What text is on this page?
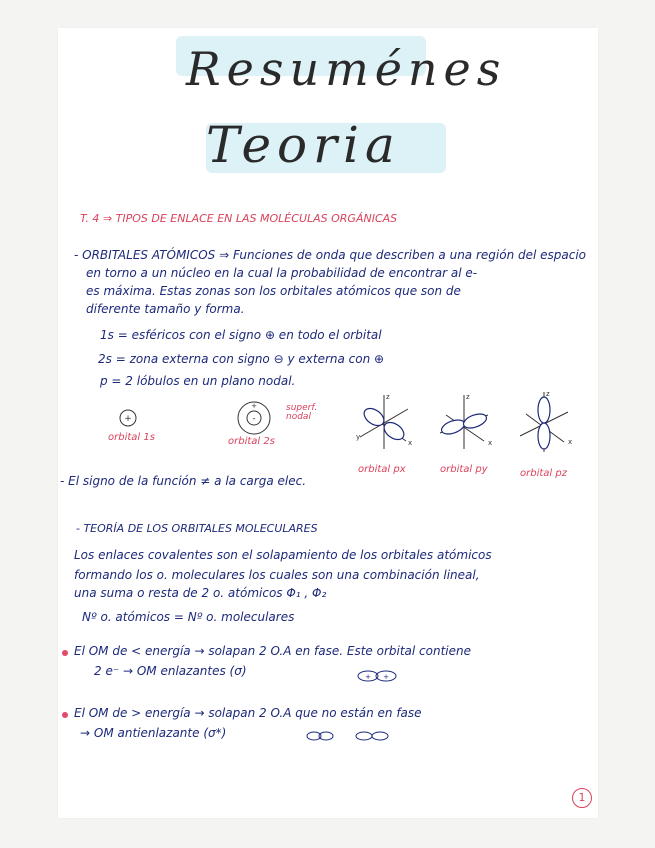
Resuménes
Teoria
T. 4 ⇒ TIPOS DE ENLACE EN LAS MOLÉCULAS ORGÁNICAS
- ORBITALES ATÓMICOS ⇒ Funciones de onda que describen a una región del espacio
en torno a un núcleo en la cual la probabilidad de encontrar al e-
es máxima. Estas zonas son los orbitales atómicos que son de
diferente tamaño y forma.
1s = esféricos con el signo ⊕ en todo el orbital
2s = zona externa con signo ⊖ y externa con ⊕
p = 2 lóbulos en un plano nodal.
+
orbital 1s
-
+	superf. nodal
orbital 2s
z
y
x
orbital px
z
x
orbital py
z
x
orbital pz
- El signo de la función ≠ a la carga elec.
- TEORÍA DE LOS ORBITALES MOLECULARES
Los enlaces covalentes son el solapamiento de los orbitales atómicos
formando los o. moleculares los cuales son una combinación lineal,
una suma o resta de 2 o. atómicos Φ₁ , Φ₂
Nº o. atómicos = Nº o. moleculares
El OM de < energía → solapan 2 O.A en fase. Este orbital contiene
2 e⁻ → OM enlazantes (σ)	+ +
El OM de > energía → solapan 2 O.A que no están en fase
→ OM antienlazante (σ*)
1
